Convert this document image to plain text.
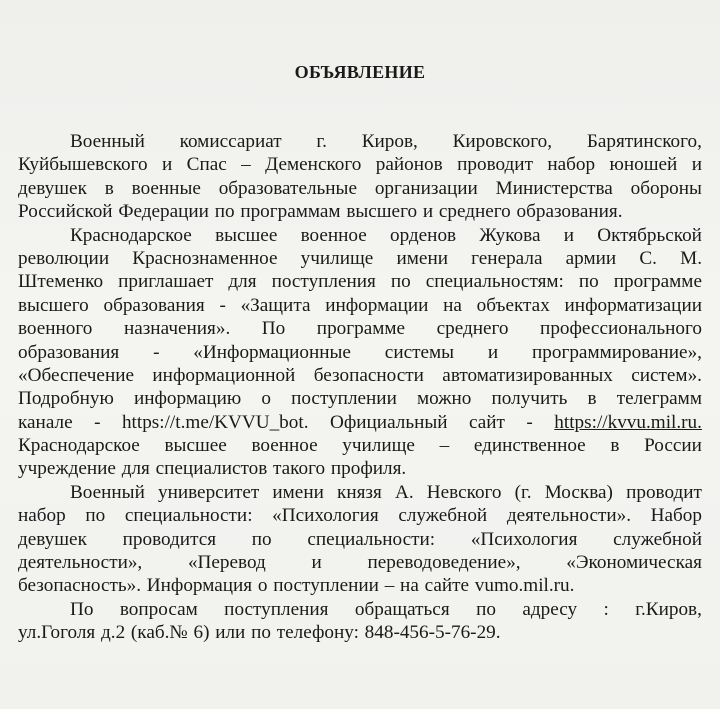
ОБЪЯВЛЕНИЕ
Военный комиссариат г. Киров, Кировского, Барятинского,
Куйбышевского и Спас – Деменского районов проводит набор юношей и
девушек в военные образовательные организации Министерства обороны
Российской Федерации по программам высшего и среднего образования.
Краснодарское высшее военное орденов Жукова и Октябрьской
революции Краснознаменное училище имени генерала армии С. М.
Штеменко приглашает для поступления по специальностям: по программе
высшего образования - «Защита информации на объектах информатизации
военного назначения». По программе среднего профессионального
образования - «Информационные системы и программирование»,
«Обеспечение информационной безопасности автоматизированных систем».
Подробную информацию о поступлении можно получить в телеграмм
канале - https://t.me/KVVU_bot. Официальный сайт - https://kvvu.mil.ru.
Краснодарское высшее военное училище – единственное в России
учреждение для специалистов такого профиля.
Военный университет имени князя А. Невского (г. Москва) проводит
набор по специальности: «Психология служебной деятельности». Набор
девушек проводится по специальности: «Психология служебной
деятельности», «Перевод и переводоведение», «Экономическая
безопасность». Информация о поступлении – на сайте vumo.mil.ru.
По вопросам поступления обращаться по адресу : г.Киров,
ул.Гоголя д.2 (каб.№ 6) или по телефону: 848-456-5-76-29.
